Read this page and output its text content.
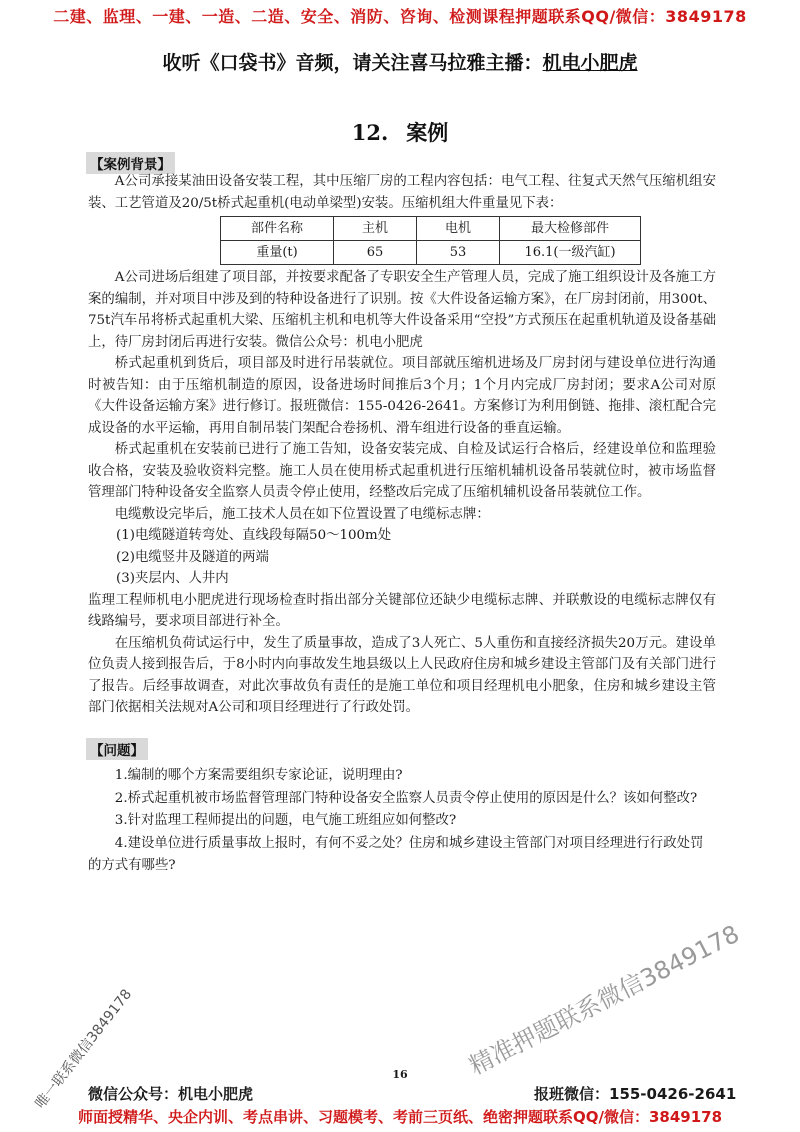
二建、监理、一建、一造、二造、安全、消防、咨询、检测课程押题联系QQ/微信：3849178
收听《口袋书》音频，请关注喜马拉雅主播：机电小肥虎
12. 案例
【案例背景】

A公司承接某油田设备安装工程，其中压缩厂房的工程内容包括：电气工程、往复式天然气压缩机组安装、工艺管道及20/5t桥式起重机(电动单梁型)安装。压缩机组大件重量见下表：

部件名称	主机	电机	最大检修部件
重量(t)	65	53	16.1(一级汽缸)

A公司进场后组建了项目部，并按要求配备了专职安全生产管理人员，完成了施工组织设计及各施工方案的编制，并对项目中涉及到的特种设备进行了识别。按《大件设备运输方案》，在厂房封闭前，用300t、75t汽车吊将桥式起重机大梁、压缩机主机和电机等大件设备采用“空投”方式预压在起重机轨道及设备基础上，待厂房封闭后再进行安装。微信公众号：机电小肥虎

桥式起重机到货后，项目部及时进行吊装就位。项目部就压缩机进场及厂房封闭与建设单位进行沟通时被告知：由于压缩机制造的原因，设备进场时间推后3个月；1个月内完成厂房封闭；要求A公司对原《大件设备运输方案》进行修订。报班微信：155-0426-2641。方案修订为利用倒链、拖排、滚杠配合完成设备的水平运输，再用自制吊装门架配合卷扬机、滑车组进行设备的垂直运输。

桥式起重机在安装前已进行了施工告知，设备安装完成、自检及试运行合格后，经建设单位和监理验收合格，安装及验收资料完整。施工人员在使用桥式起重机进行压缩机辅机设备吊装就位时，被市场监督管理部门特种设备安全监察人员责令停止使用，经整改后完成了压缩机辅机设备吊装就位工作。

电缆敷设完毕后，施工技术人员在如下位置设置了电缆标志牌：

(1)电缆隧道转弯处、直线段每隔50～100m处

(2)电缆竖井及隧道的两端

(3)夹层内、人井内

监理工程师机电小肥虎进行现场检查时指出部分关键部位还缺少电缆标志牌、并联敷设的电缆标志牌仅有线路编号，要求项目部进行补全。

在压缩机负荷试运行中，发生了质量事故，造成了3人死亡、5人重伤和直接经济损失20万元。建设单位负责人接到报告后，于8小时内向事故发生地县级以上人民政府住房和城乡建设主管部门及有关部门进行了报告。后经事故调查，对此次事故负有责任的是施工单位和项目经理机电小肥象，住房和城乡建设主管部门依据相关法规对A公司和项目经理进行了行政处罚。

【问题】

1.编制的哪个方案需要组织专家论证，说明理由?

2.桥式起重机被市场监督管理部门特种设备安全监察人员责令停止使用的原因是什么？该如何整改?

3.针对监理工程师提出的问题，电气施工班组应如何整改?

4.建设单位进行质量事故上报时，有何不妥之处？住房和城乡建设主管部门对项目经理进行行政处罚的方式有哪些?

精准押题联系微信3849178
唯一联系微信3849178	16
微信公众号：机电小肥虎	报班微信：155-0426-2641
师面授精华、央企内训、考点串讲、习题模考、考前三页纸、绝密押题联系QQ/微信：3849178
